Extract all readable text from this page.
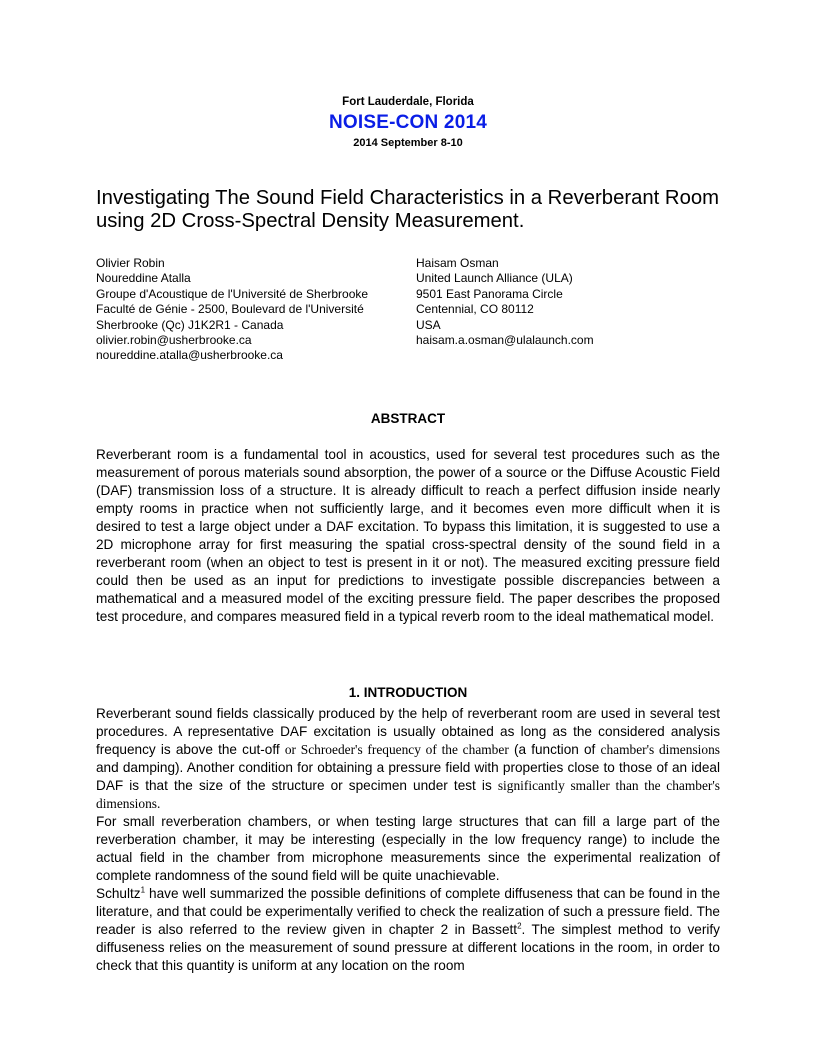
Fort Lauderdale, Florida
NOISE-CON 2014
2014 September 8-10
Investigating The Sound Field Characteristics in a Reverberant Room using 2D Cross-Spectral Density Measurement.
Olivier Robin
Noureddine Atalla
Groupe d'Acoustique de l'Université de Sherbrooke
Faculté de Génie - 2500, Boulevard de l'Université
Sherbrooke (Qc) J1K2R1 - Canada
olivier.robin@usherbrooke.ca
noureddine.atalla@usherbrooke.ca
Haisam Osman
United Launch Alliance (ULA)
9501 East Panorama Circle
Centennial, CO 80112
USA
haisam.a.osman@ulalaunch.com
ABSTRACT
Reverberant room is a fundamental tool in acoustics, used for several test procedures such as the measurement of porous materials sound absorption, the power of a source or the Diffuse Acoustic Field (DAF) transmission loss of a structure. It is already difficult to reach a perfect diffusion inside nearly empty rooms in practice when not sufficiently large, and it becomes even more difficult when it is desired to test a large object under a DAF excitation. To bypass this limitation, it is suggested to use a 2D microphone array for first measuring the spatial cross-spectral density of the sound field in a reverberant room (when an object to test is present in it or not). The measured exciting pressure field could then be used as an input for predictions to investigate possible discrepancies between a mathematical and a measured model of the exciting pressure field. The paper describes the proposed test procedure, and compares measured field in a typical reverb room to the ideal mathematical model.
1. INTRODUCTION

Reverberant sound fields classically produced by the help of reverberant room are used in several test procedures. A representative DAF excitation is usually obtained as long as the considered analysis frequency is above the cut-off or Schroeder's frequency of the chamber (a function of chamber's dimensions and damping). Another condition for obtaining a pressure field with properties close to those of an ideal DAF is that the size of the structure or specimen under test is significantly smaller than the chamber's dimensions.

For small reverberation chambers, or when testing large structures that can fill a large part of the reverberation chamber, it may be interesting (especially in the low frequency range) to include the actual field in the chamber from microphone measurements since the experimental realization of complete randomness of the sound field will be quite unachievable.

Schultz$^1$ have well summarized the possible definitions of complete diffuseness that can be found in the literature, and that could be experimentally verified to check the realization of such a pressure field. The reader is also referred to the review given in chapter 2 in Bassett$^2$. The simplest method to verify diffuseness relies on the measurement of sound pressure at different locations in the room, in order to check that this quantity is uniform at any location on the room
